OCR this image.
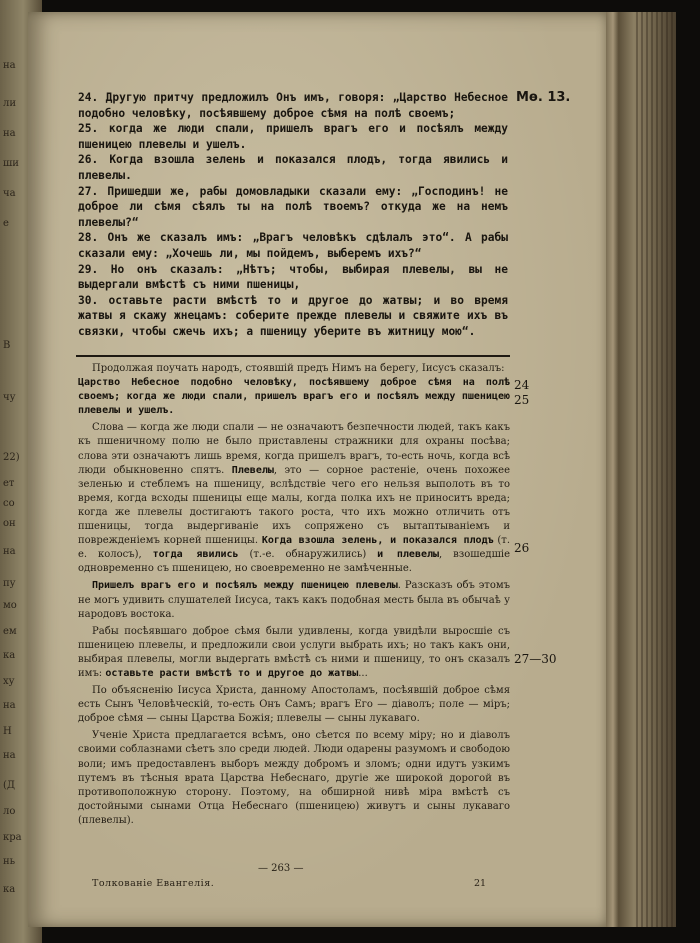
на
ли
на
ши
ча
е
В
чу
22)
ет
со
он
на
пу
мо
ем
ка
ху
на
Н
на
(Д
ло
кра
нь
ка
Мө. 13.

24. Другую притчу предложилъ Онъ имъ, говоря: „Царство Небесное подобно человѣку, посѣявшему доброе сѣмя на полѣ своемъ;

25. когда же люди спали, пришелъ врагъ его и посѣялъ между пшеницею плевелы и ушелъ.

26. Когда взошла зелень и показался плодъ, тогда явились и плевелы.

27. Пришедши же, рабы домовладыки сказали ему: „Господинъ! не доброе ли сѣмя сѣялъ ты на полѣ твоемъ? откуда же на немъ плевелы?“

28. Онъ же сказалъ имъ: „Врагъ человѣкъ сдѣлалъ это“. А рабы сказали ему: „Хочешь ли, мы пойдемъ, выберемъ ихъ?“

29. Но онъ сказалъ: „Нѣтъ; чтобы, выбирая плевелы, вы не выдергали вмѣстѣ съ ними пшеницы,

30. оставьте расти вмѣстѣ то и другое до жатвы; и во время жатвы я скажу жнецамъ: соберите прежде плевелы и свяжите ихъ въ связки, чтобы сжечь ихъ; а пшеницу уберите въ житницу мою“.

Продолжая поучать народъ, стоявшій предъ Нимъ на берегу, Іисусъ сказалъ:
Царство Небесное подобно человѣку, посѣявшему доброе сѣмя на полѣ своемъ; когда же люди спали, пришелъ врагъ его и посѣялъ между пшеницею плевелы и ушелъ.

Слова — когда же люди спали — не означаютъ безпечности людей, такъ какъ къ пшеничному полю не было приставлены стражники для охраны посѣва; слова эти означаютъ лишь время, когда пришелъ врагъ, то-есть ночь, когда всѣ люди обыкновенно спятъ. Плевелы, это — сорное растеніе, очень похожее зеленью и стеблемъ на пшеницу, вслѣдствіе чего его нельзя выполоть въ то время, когда всходы пшеницы еще малы, когда полка ихъ не приноситъ вреда; когда же плевелы достигаютъ такого роста, что ихъ можно отличить отъ пшеницы, тогда выдергиваніе ихъ сопряжено съ вытаптываніемъ и повреждeніемъ корней пшеницы. Когда взошла зелень, и показался плодъ (т. е. колосъ), тогда явились (т.-е. обнаружились) и плевелы, взошедшіе одновременно съ пшеницею, но своевременно не замѣченные.

Пришелъ врагъ его и посѣялъ между пшеницею плевелы. Разсказъ объ этомъ не могъ удивить слушателей Іисуса, такъ какъ подобная месть была въ обычаѣ у народовъ востока.

Рабы посѣявшаго доброе сѣмя были удивлены, когда увидѣли выросшіе съ пшеницею плевелы, и предложили свои услуги выбрать ихъ; но такъ какъ они, выбирая плевелы, могли выдергать вмѣстѣ съ ними и пшеницу, то онъ сказалъ имъ: оставьте расти вмѣстѣ то и другое до жатвы...

По объясненію Іисуса Христа, данному Апостоламъ, посѣявшій доброе сѣмя есть Сынъ Человѣческій, то-есть Онъ Самъ; врагъ Его — діаволъ; поле — міръ; доброе сѣмя — сыны Царства Божія; плевелы — сыны лукаваго.

Ученіе Христа предлагается всѣмъ, оно сѣется по всему міру; но и діаволъ своими соблазнами сѣетъ зло среди людей. Люди одарены разумомъ и свободою воли; имъ предоставленъ выборъ между добромъ и зломъ; одни идутъ узкимъ путемъ въ тѣсныя врата Царства Небеснаго, другіе же широкой дорогой въ противоположную сторону. Поэтому, на обширной нивѣ міра вмѣстѣ съ достойными сынами Отца Небеснаго (пшеницею) живутъ и сыны лукаваго (плевелы).

24
25
26
27—30
— 263 —
Толкованіе Евангелія.	21
